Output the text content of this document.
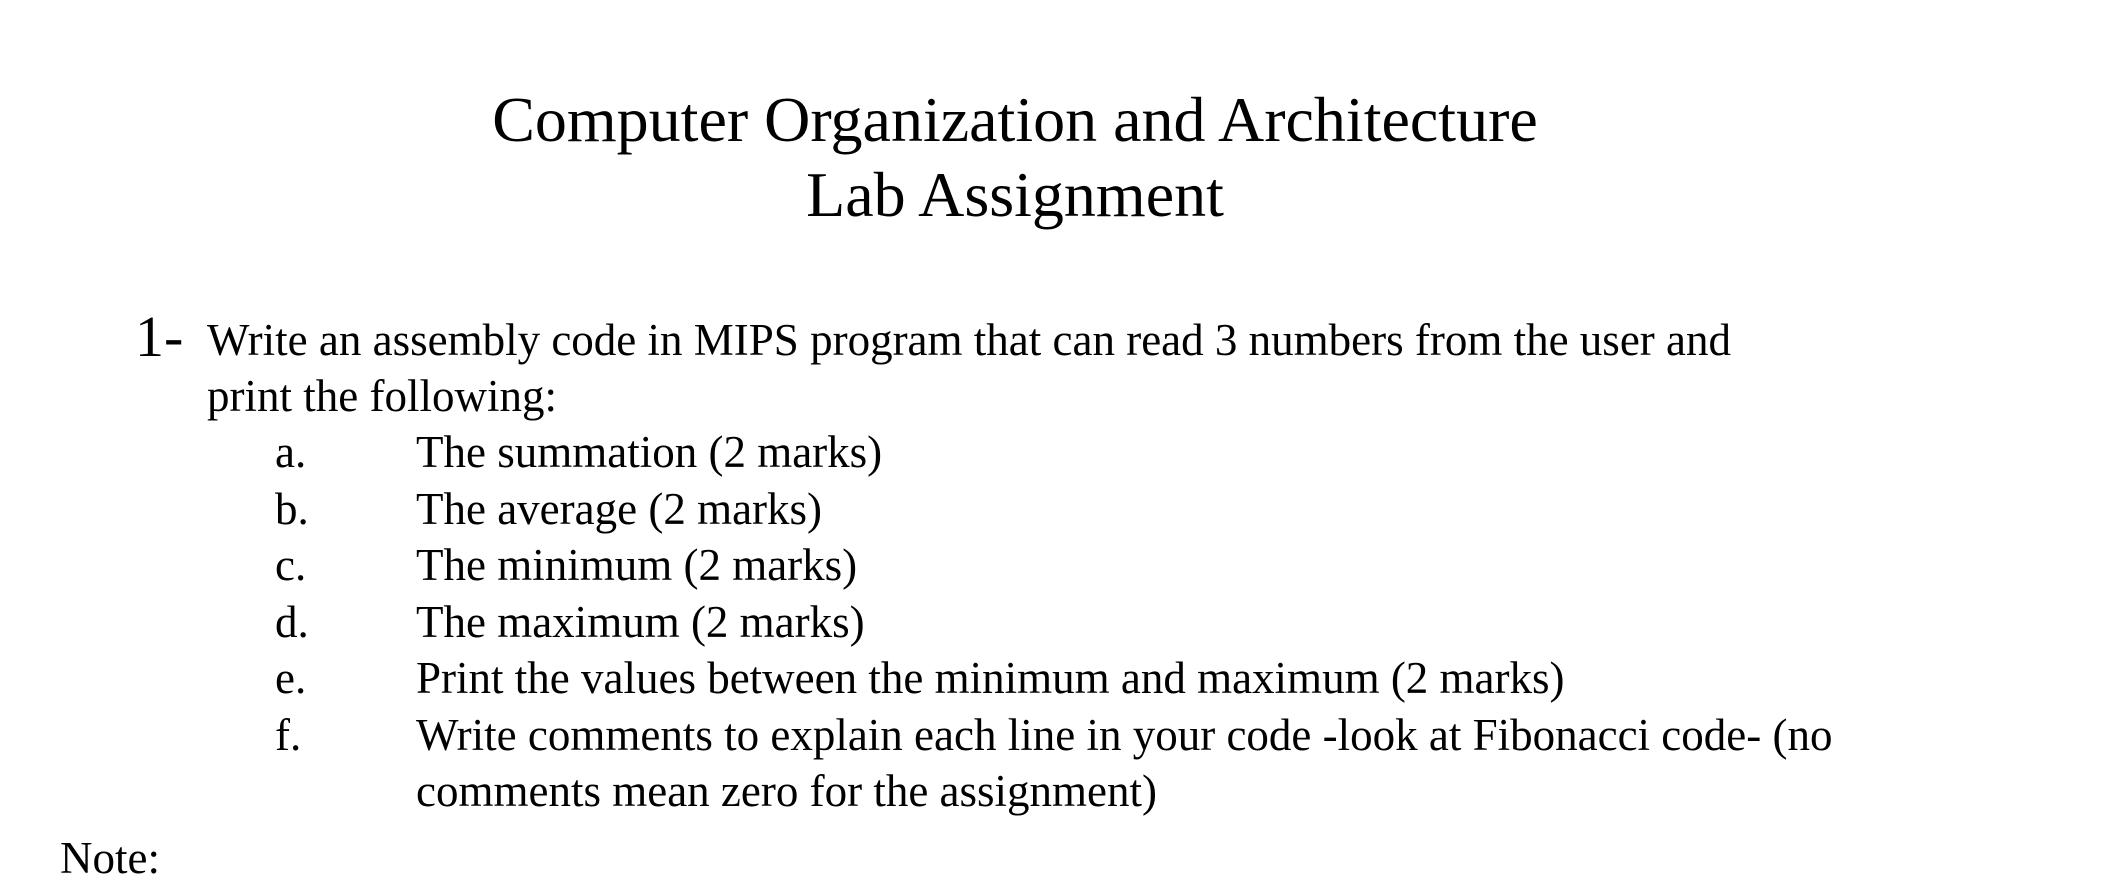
Computer Organization and Architecture
Lab Assignment
1- Write an assembly code in MIPS program that can read 3 numbers from the user and
print the following:
a.	The summation (2 marks)
b.	The average (2 marks)
c.	The minimum (2 marks)
d.	The maximum (2 marks)
e.	Print the values between the minimum and maximum (2 marks)
f.	Write comments to explain each line in your code -look at Fibonacci code- (no
comments mean zero for the assignment)
Note:
